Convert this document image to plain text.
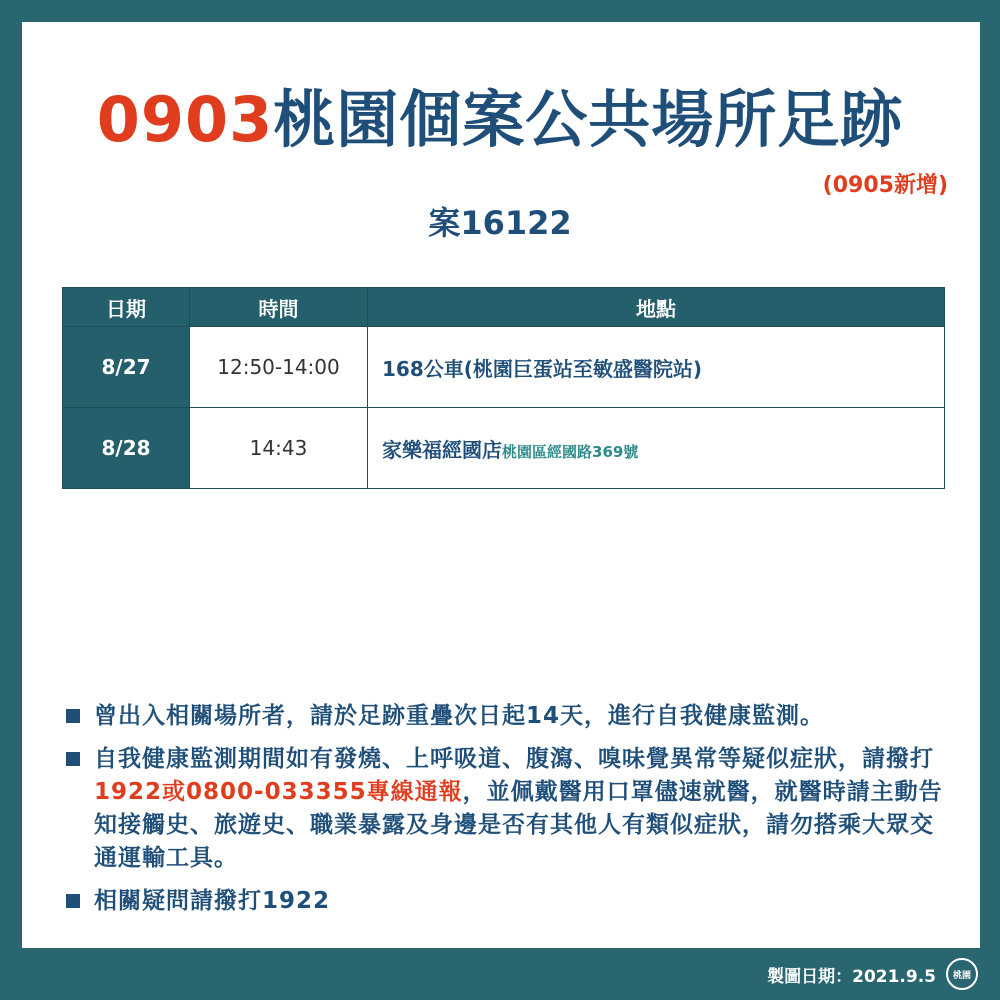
0903桃園個案公共場所足跡
(0905新增)
案16122
日期	時間	地點
8/27	12:50-14:00	168公車(桃園巨蛋站至敏盛醫院站)
8/28	14:43	家樂福經國店桃園區經國路369號
曾出入相關場所者，請於足跡重疊次日起14天，進行自我健康監測。
自我健康監測期間如有發燒、上呼吸道、腹瀉、嗅味覺異常等疑似症狀，請撥打1922或0800-033355專線通報，並佩戴醫用口罩儘速就醫，就醫時請主動告知接觸史、旅遊史、職業暴露及身邊是否有其他人有類似症狀，請勿搭乘大眾交通運輸工具。
相關疑問請撥打1922
製圖日期：2021.9.5	桃園
